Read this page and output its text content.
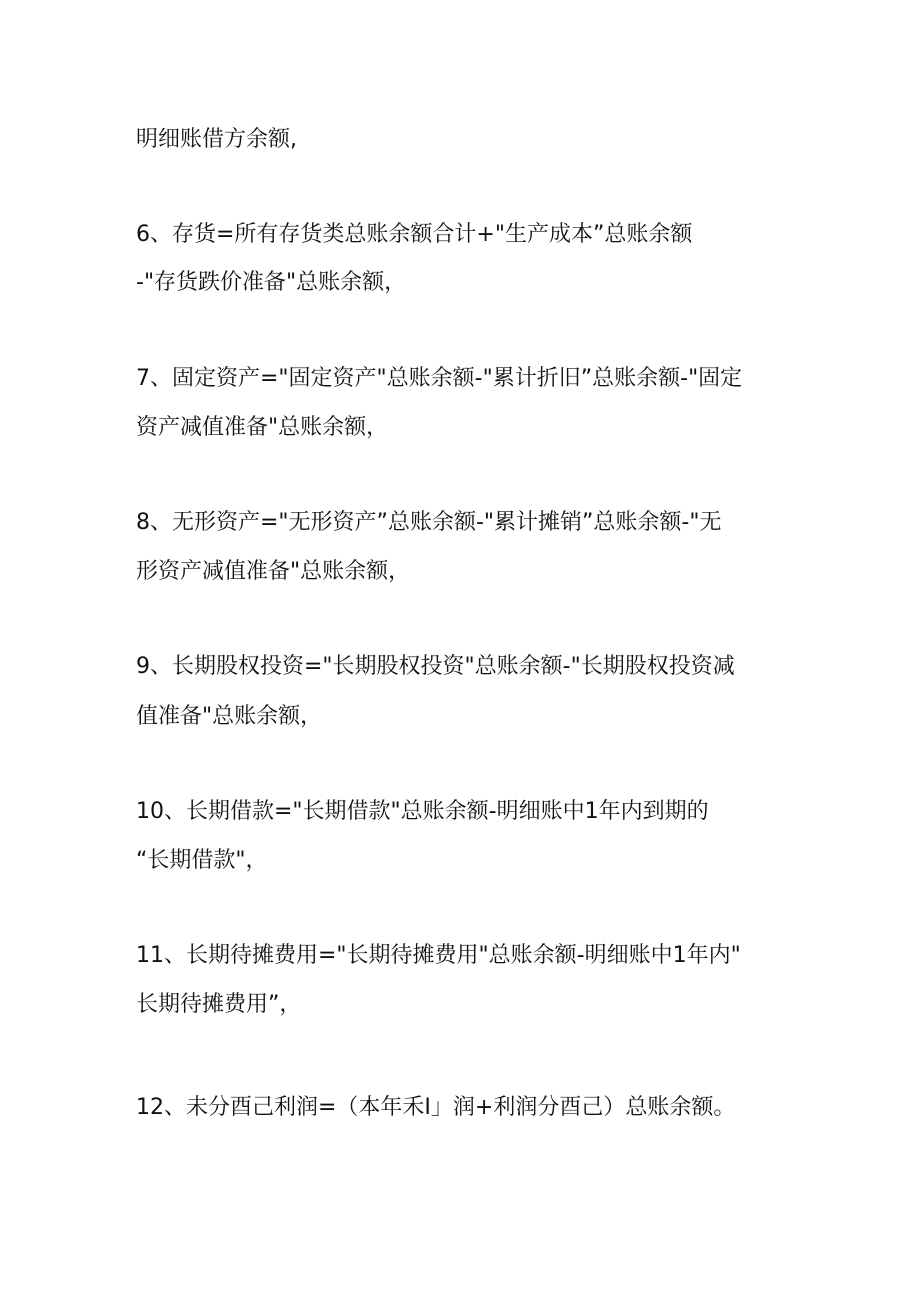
明细账借方余额,
6、存货=所有存货类总账余额合计+"生产成本”总账余额
-"存货跌价准备"总账余额，
7、固定资产="固定资产"总账余额-"累计折旧”总账余额-"固定
资产减值准备"总账余额，
8、无形资产="无形资产”总账余额-"累计摊销”总账余额-"无
形资产减值准备"总账余额，
9、长期股权投资="长期股权投资"总账余额-"长期股权投资减
值准备"总账余额，
10、长期借款="长期借款"总账余额-明细账中1年内到期的
“长期借款"，
11、长期待摊费用="长期待摊费用"总账余额-明细账中1年内"
长期待摊费用”，
12、未分酉己利润=（本年禾I」润+利润分酉己）总账余额。
